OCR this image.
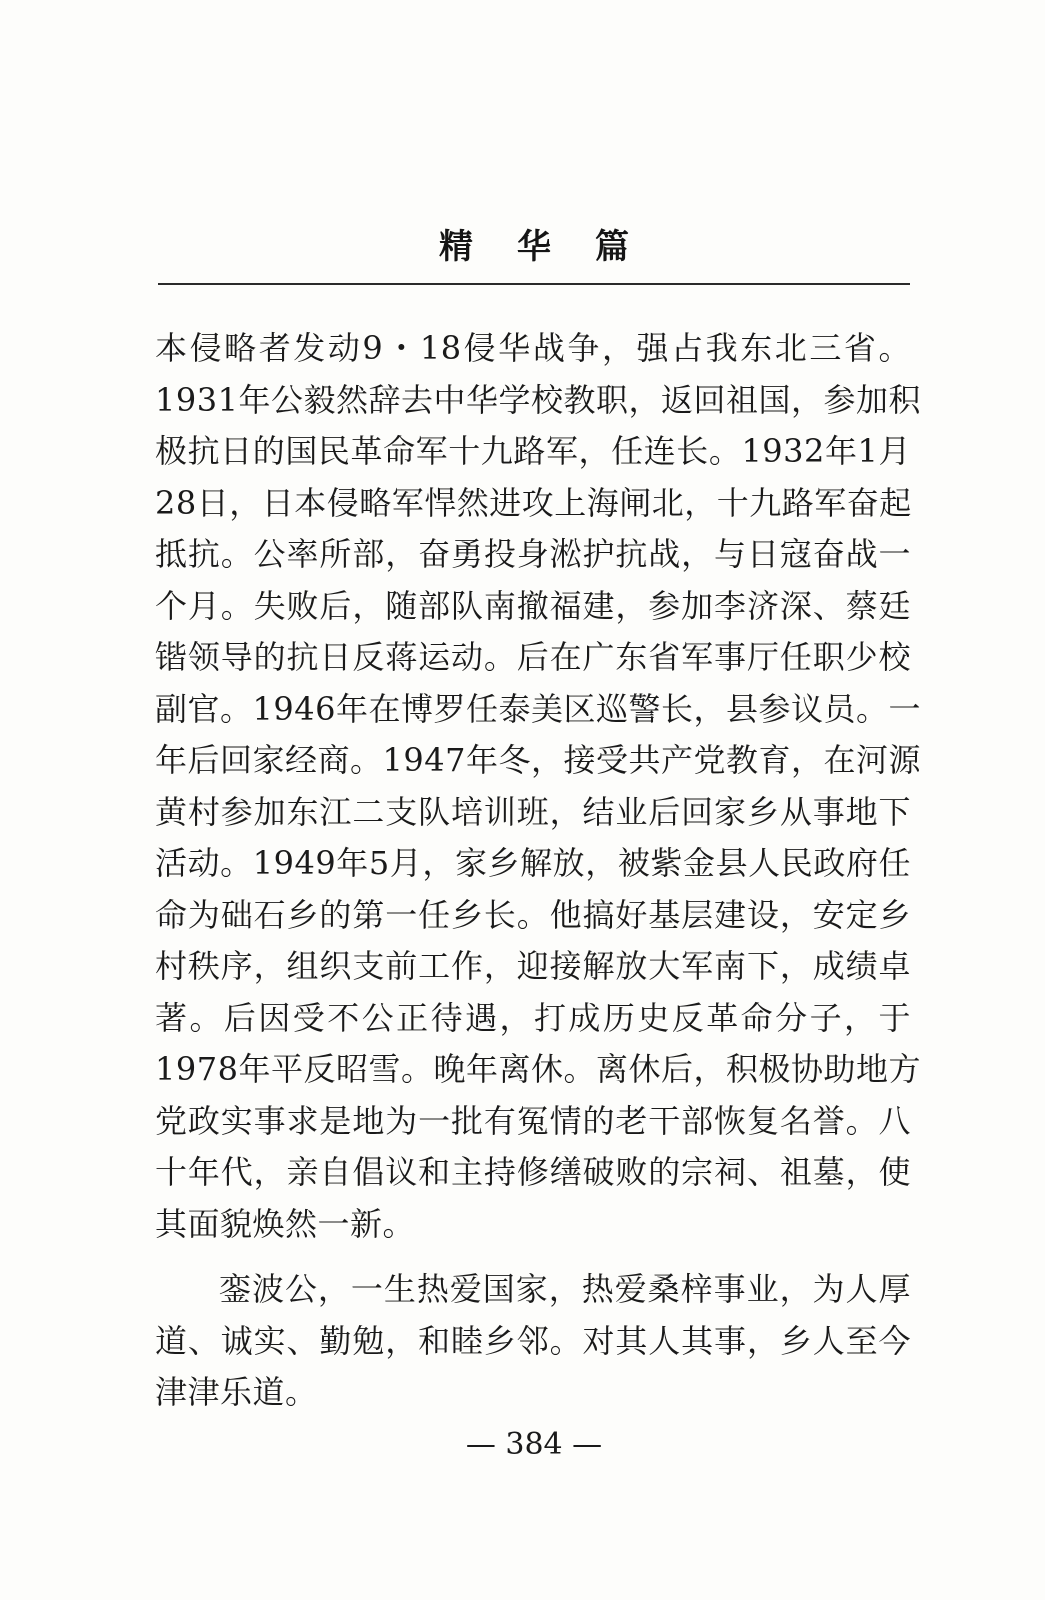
精华篇
本侵略者发动9・18侵华战争，强占我东北三省。
1931年公毅然辞去中华学校教职，返回祖国，参加积
极抗日的国民革命军十九路军，任连长。1932年1月
28日，日本侵略军悍然进攻上海闸北，十九路军奋起
抵抗。公率所部，奋勇投身淞护抗战，与日寇奋战一
个月。失败后，随部队南撤福建，参加李济深、蔡廷
锴领导的抗日反蒋运动。后在广东省军事厅任职少校
副官。1946年在博罗任泰美区巡警长，县参议员。一
年后回家经商。1947年冬，接受共产党教育，在河源
黄村参加东江二支队培训班，结业后回家乡从事地下
活动。1949年5月，家乡解放，被紫金县人民政府任
命为础石乡的第一任乡长。他搞好基层建设，安定乡
村秩序，组织支前工作，迎接解放大军南下，成绩卓
著。后因受不公正待遇，打成历史反革命分子，于
1978年平反昭雪。晚年离休。离休后，积极协助地方
党政实事求是地为一批有冤情的老干部恢复名誉。八
十年代，亲自倡议和主持修缮破败的宗祠、祖墓，使
其面貌焕然一新。
銮波公，一生热爱国家，热爱桑梓事业，为人厚
道、诚实、勤勉，和睦乡邻。对其人其事，乡人至今
津津乐道。
— 384 —
